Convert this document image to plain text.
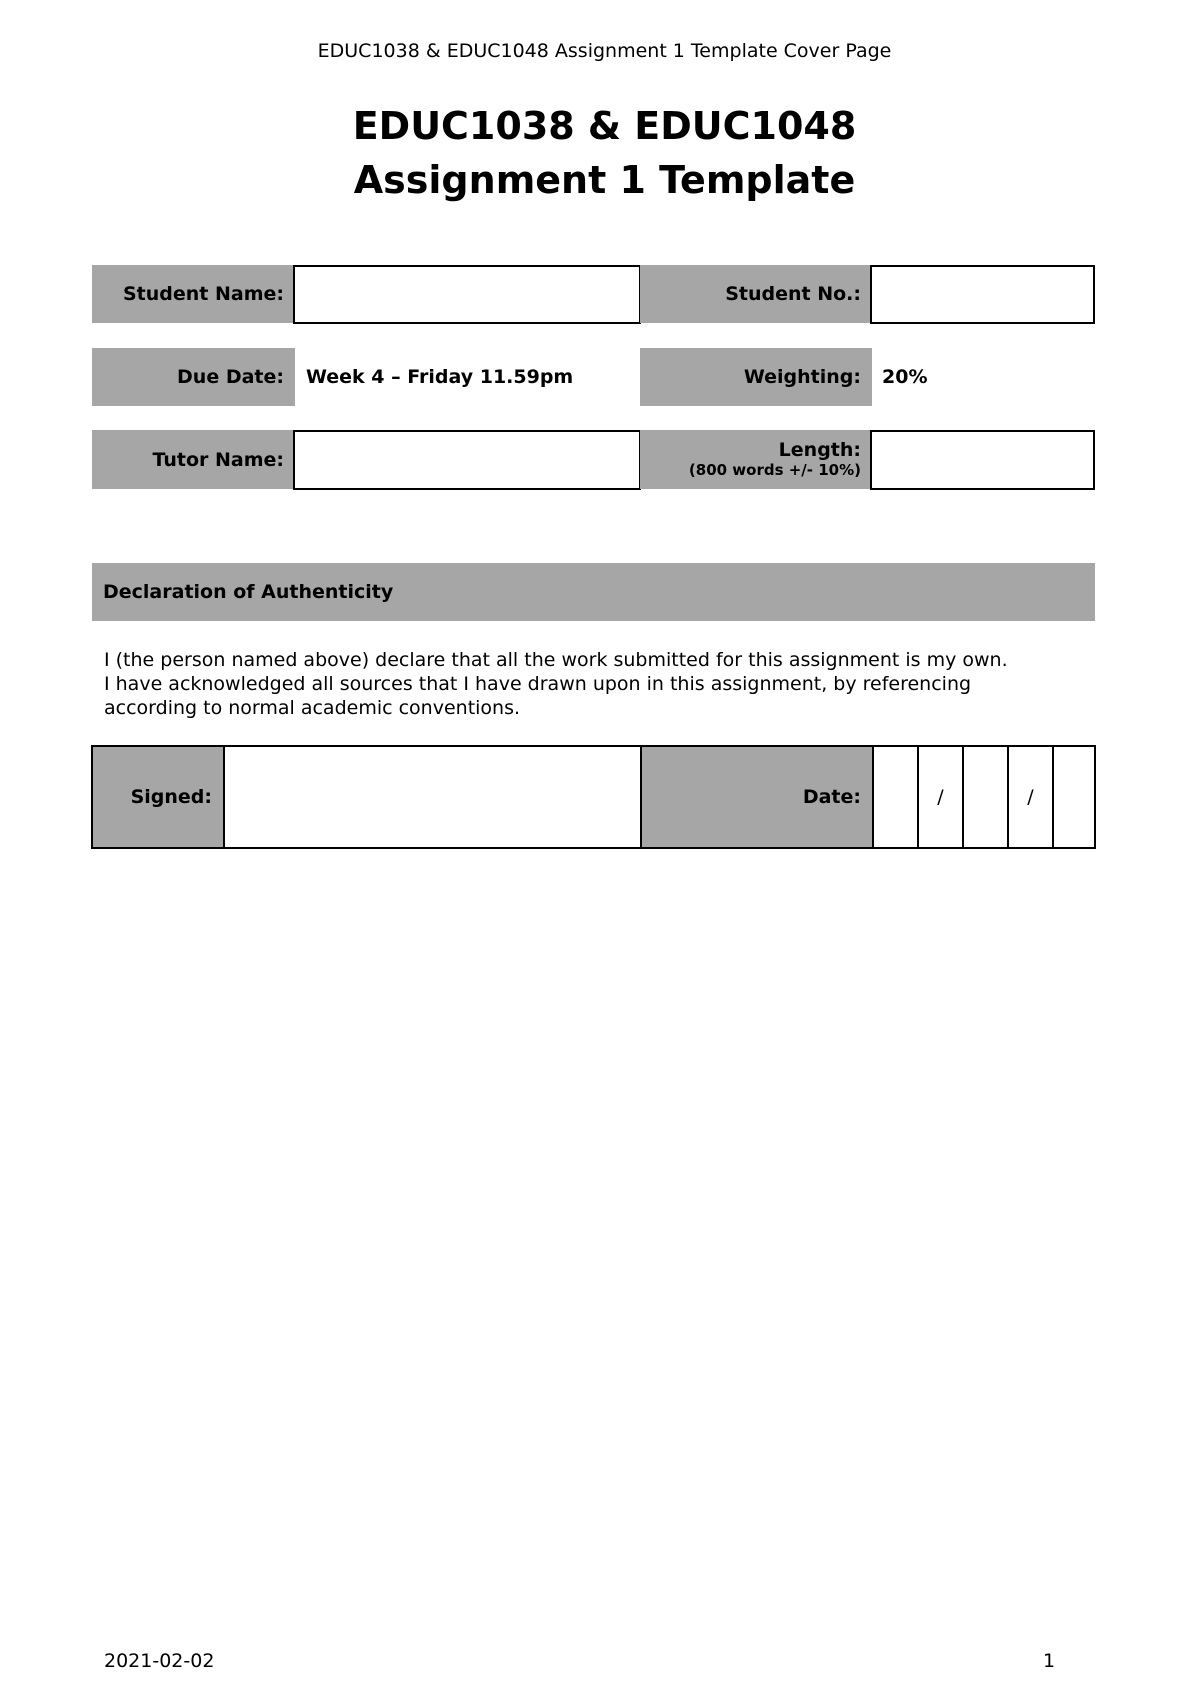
EDUC1038 & EDUC1048 Assignment 1 Template Cover Page
EDUC1038 & EDUC1048
Assignment 1 Template
Student Name:	Student No.:
Due Date:	Week 4 – Friday 11.59pm	Weighting:	20%
Tutor Name:	Length:
(800 words +/- 10%)
Declaration of Authenticity
I (the person named above) declare that all the work submitted for this assignment is my own.
I have acknowledged all sources that I have drawn upon in this assignment, by referencing
according to normal academic conventions.
Signed:	Date:	/	/
2021-02-02	1
